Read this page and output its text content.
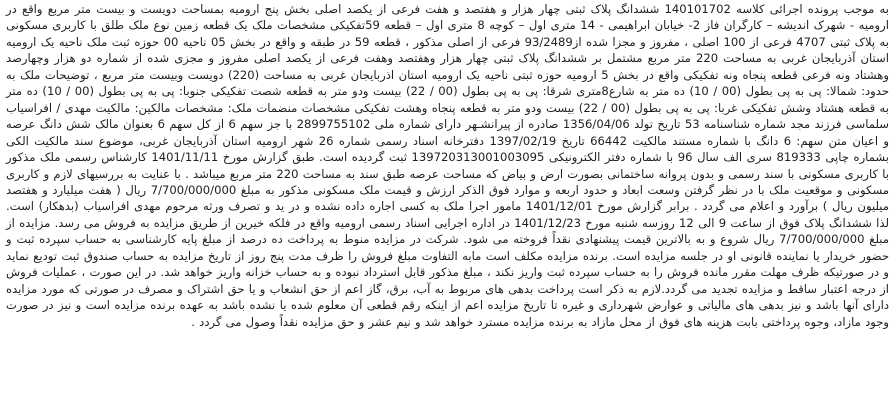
به موجب پرونده اجرائی کلاسه 140101702 ششدانگ پلاک ثبتی چهار هزار و هفتصد و هفت فرعی از یکصد اصلی بخش پنج ارومیه بمساحت دویست و بیست متر مربع واقع در ارومیه - شهرک اندیشه – کارگران فاز 2- خیابان ابراهیمی - 14 متری اول – کوچه 8 متری اول – قطعه 59تفکیکی مشخصات ملک یک قطعه زمین نوع ملک طلق با کاربری مسکونی به پلاک ثبتی 4707 فرعی از 100 اصلی ، مفروز و مجزا شده از93/2489 فرعی از اصلی مذکور ، قطعه 59 در طبقه و واقع در بخش 05 ناحیه 00 حوزه ثبت ملک ناحیه یک ارومیه استان آذربایجان غربی به مساحت 220 متر مربع مشتمل بر ششدانگ پلاک ثبتی چهار هزار وهفتصد وهفت فرعی از یکصد اصلی مفروز و مجزی شده از شماره دو هزار وچهارصد وهشتاد ونه فرعی قطعه پنجاه ونه تفکیکی واقع در بخش 5 ارومیه حوزه ثبتی ناحیه یک ارومیه استان اذربایجان غربی به مساحت (220) دویست وبیست متر مربع ، توضیحات ملک به حدود: شمالا: پی به پی بطول (00 / 10) ده متر به شارع8متری شرقا: پی به پی بطول (00 / 22) بیست ودو متر به قطعه شصت تفکیکی جنوبا: پی به پی بطول (00 / 10) ده متر به قطعه هشتاد وشش تفکیکی غربا: پی به پی بطول (00 / 22) بیست ودو متر به قطعه پنجاه وهشت تفکیکی مشخصات منضمات ملک: مشخصات مالکین: مالکیت مهدی / افراسیاب سلماسی فرزند مجد شماره شناسنامه 53 تاریخ تولد 1356/04/06 صادره از پیرانشـهر دارای شماره ملی 2899755102 با جز سهم 6 از کل سهم 6 بعنوان مالک شش دانگ عرصه و اعیان متن سهم: 6 دانگ با شماره مستند مالکیت 66442 تاریخ 1397/02/19 دفترخانه اسناد رسمی شماره 26 شهر ارومیه استان آذربایجان غربی، موضوع سند مالکیت الکی بشماره چاپی 819333 سری الف سال 96 با شماره دفتر الکترونیکی 139720313001003095 ثبت گردیده است. طبق گزارش مورخ 1401/11/11 کارشناس رسمی ملک مذکور با کاربری مسکونی با سند رسمی و بدون پروانه ساختمانی بصورت ارض و بیاض که مساحت عرصه طبق سند به مساحت 220 متر مربع میباشد . با عنایت به بررسیهای لازم و کاربری مسکونی و موقعیت ملک با در نظر گرفتن وسعت ابعاد و حدود اربعه و موارد فوق الذکر ارزش و قیمت ملک مسکونی مذکور به مبلغ 7/700/000/000 ریال ( هفت میلیارد و هفتصد میلیون ریال ) برآورد و اعلام می گردد . برابر گزارش مورخ 1401/12/01 مامور اجرا ملک به کسی اجاره داده نشده و در ید و تصرف ورثه مرحوم مهدی افراسیاب (بدهکار) است. لذا ششدانگ پلاک فوق از ساعت 9 الی 12 روزسه شنبه مورخ 1401/12/23 در اداره اجرایی اسناد رسمی ارومیه واقع در فلکه خیرین از طریق مزایده به فروش می رسد. مزایده از مبلغ 7/700/000/000 ریال شروع و به بالاترین قیمت پیشنهادی نقداً فروخته می شود. شرکت در مزایده منوط به پرداخت ده درصد از مبلغ پایه کارشناسی به حساب سپرده ثبت و حضور خریدار یا نماینده قانونی او در جلسه مزایده است. برنده مزایده مکلف است مابه التفاوت مبلغ فروش را ظرف مدت پنج روز از تاریخ مزایده به حساب صندوق ثبت تودیع نماید و در صورتیکه ظرف مهلت مقرر مانده فروش را به حساب سپرده ثبت واریز نکند ، مبلغ مذکور قابل استرداد نبوده و به حساب خزانه واریز خواهد شد. در این صورت ، عملیات فروش از درجه اعتبار ساقط و مزایده تجدید می گردد.لازم به ذکر است پرداخت بدهی های مربوط به آب، برق، گاز اعم از حق انشعاب و یا حق اشتراک و مصرف در صورتی که مورد مزایده دارای آنها باشد و نیز بدهی های مالیاتی و عوارض شهرداری و غیره تا تاریخ مزایده اعم از اینکه رقم قطعی آن معلوم شده یا نشده باشد به عهده برنده مزایده است و نیز در صورت وجود مازاد، وجوه پرداختی بابت هزینه های فوق از محل مازاد به برنده مزایده مسترد خواهد شد و نیم عشر و حق مزایده نقداً وصول می گردد .
